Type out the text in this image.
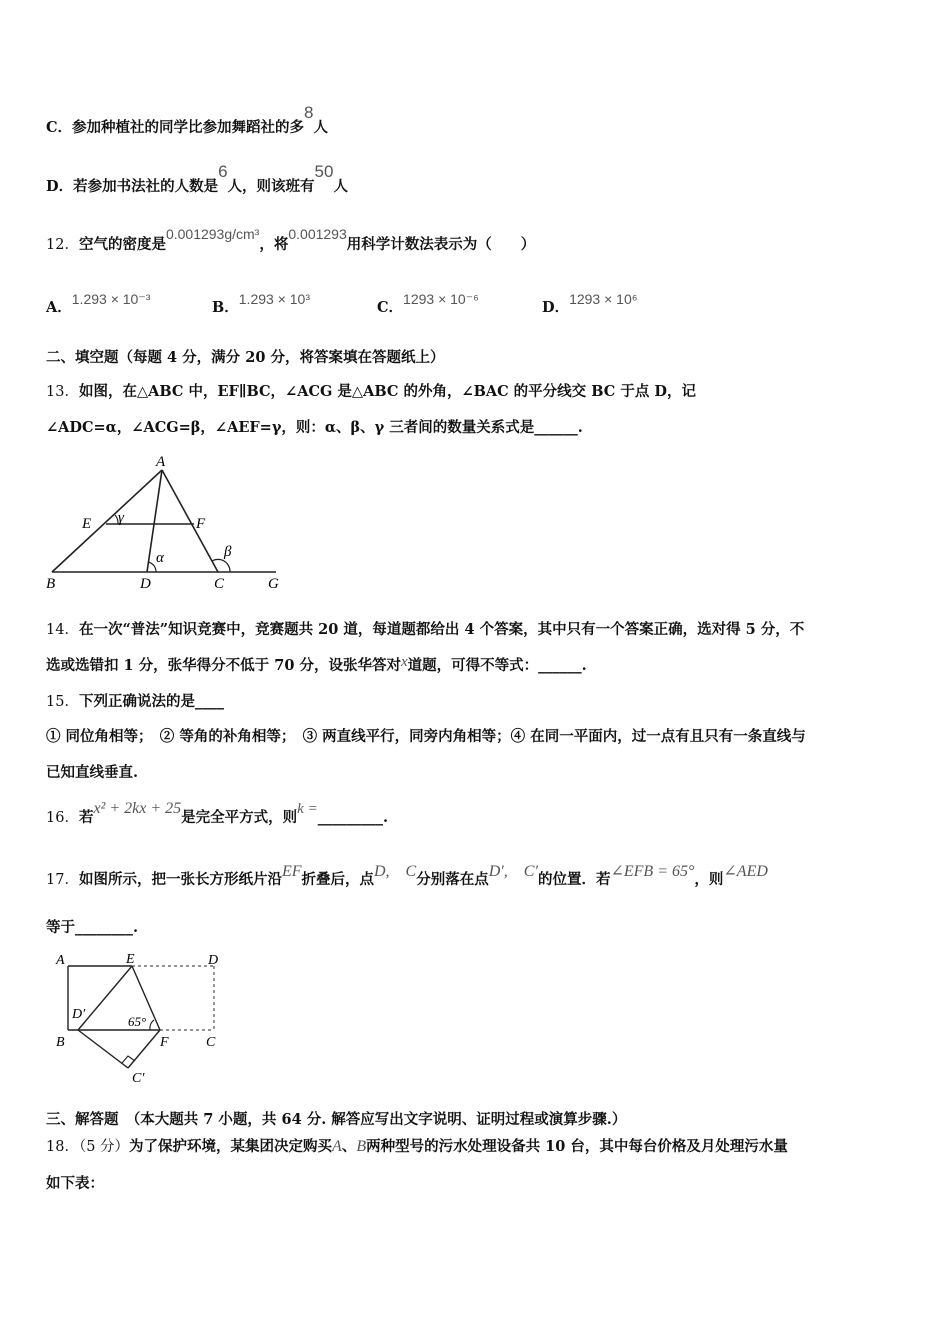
C．参加种植社的同学比参加舞蹈社的多8人
D．若参加书法社的人数是6人，则该班有50人
12．空气的密度是0.001293g/cm³，将0.001293用科学计数法表示为（　　）
A．1.293 × 10⁻³	B．1.293 × 10³	C．1293 × 10⁻⁶	D．1293 × 10⁶
二、填空题（每题 4 分，满分 20 分，将答案填在答题纸上）
13．如图，在△ABC 中，EF∥BC，∠ACG 是△ABC 的外角，∠BAC 的平分线交 BC 于点 D，记
∠ADC=α，∠ACG=β，∠AEF=γ，则：α、β、γ 三者间的数量关系式是______.
A
E	F
γ
α	β
B	D	C	G
14．在一次“普法”知识竞赛中，竞赛题共 20 道，每道题都给出 4 个答案，其中只有一个答案正确，选对得 5 分，不
选或选错扣 1 分，张华得分不低于 70 分，设张华答对x道题，可得不等式：______.
15．下列正确说法的是____
① 同位角相等；　② 等角的补角相等；　③ 两直线平行，同旁内角相等；④ 在同一平面内，过一点有且只有一条直线与
已知直线垂直.
16．若x² + 2kx + 25是完全平方式，则k =_________.
17．如图所示，把一张长方形纸片沿EF折叠后，点D,　C分别落在点D′,　C′的位置．若∠EFB = 65°，则∠AED
等于________.
A	E	D
D′	65°
B	F	C
C′
三、解答题　（本大题共 7 小题，共 64 分. 解答应写出文字说明、证明过程或演算步骤.）
18．（5 分）为了保护环境，某集团决定购买A、B两种型号的污水处理设备共 10 台，其中每台价格及月处理污水量
如下表：
